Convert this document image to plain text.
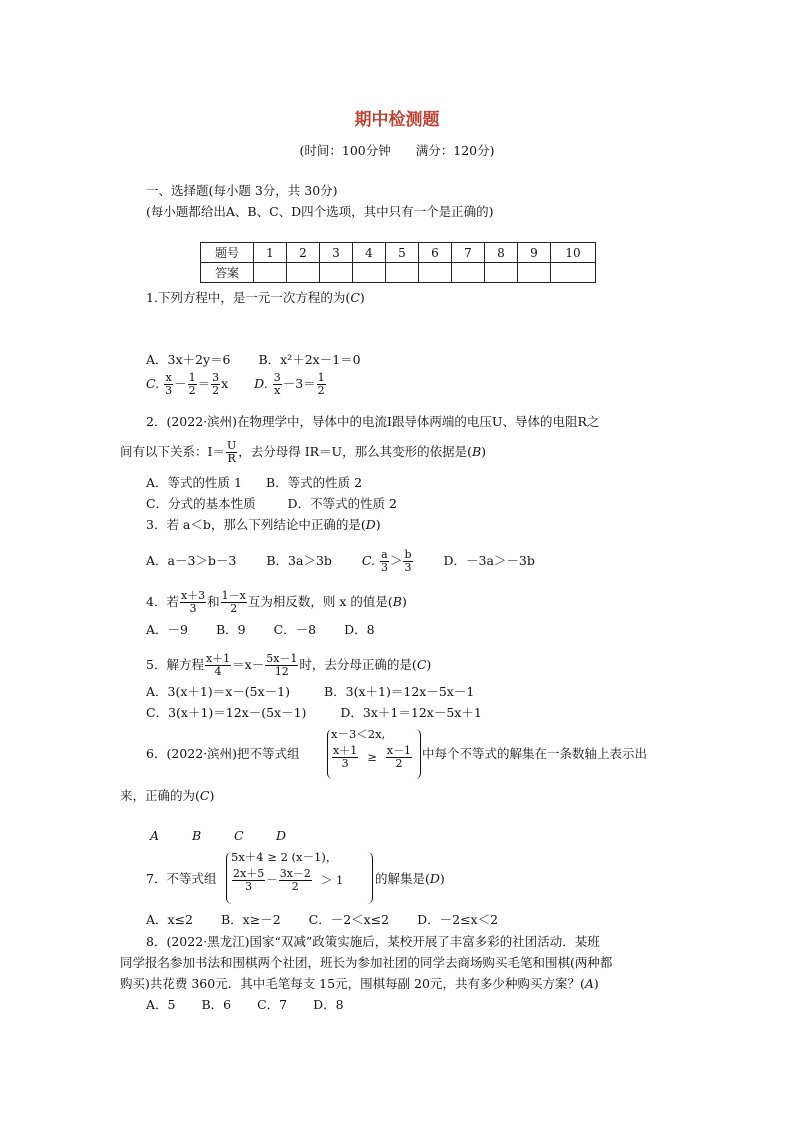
期中检测题
(时间：100分钟　　满分：120分)
一、选择题(每小题 3分，共 30分)
(每小题都给出A、B、C、D四个选项，其中只有一个是正确的)
题号	1	2	3	4	5	6	7	8	9	10
答案										
1.下列方程中，是一元一次方程的为(C)
A．3x＋2y＝6 B．x²＋2x－1＝0
C. $\frac{x}{3} - \frac{1}{2} = \frac{3}{2}$ x D. $\frac{3}{x} -3= \frac{1}{2}$
2．(2022·滨州)在物理学中，导体中的电流Ⅰ跟导体两端的电压U、导体的电阻R之
间有以下关系：$I= \frac{U}{R}$ ，去分母得 IR＝U，那么其变形的依据是(B)
A．等式的性质 1 B．等式的性质 2
C．分式的基本性质	D．不等式的性质 2
3．若 a＜b，那么下列结论中正确的是(D)
A．a－3＞b－3 B．3a＞3b C. $\frac{a}{3} > \frac{b}{3}$ D．－3a＞－3b
4．若 $\frac{x+3}{3}$ 和 $\frac{1-x}{2}$ 互为相反数，则 x 的值是(B)
A．－9 B．9 C．－8 D．8
5．解方程 $\frac{x+1}{4} =x- \frac{5x-1}{12}$ 时，去分母正确的是(C)
A．3(x＋1)＝x－(5x－1)	B．3(x＋1)＝12x－5x－1
C．3(x＋1)＝12x－(5x－1)	D．3x＋1＝12x－5x＋1
6．(2022·滨州)把不等式组
x－3＜2x,
$\frac{x+1}{3} \ge \frac{x-1}{2}$ 中每个不等式的解集在一条数轴上表示出
来，正确的为(C)
A	B	C	D
7．不等式组
5x＋4 ≥ 2 (x－1)，
$\frac{2x+5}{3} - \frac{3x-2}{2} > 1$	的解集是(D)
A．x≤2 B．x≥－2 C．－2＜x≤2 D．－2≤x＜2
8．(2022·黑龙江)国家“双减”政策实施后，某校开展了丰富多彩的社团活动．某班
同学报名参加书法和围棋两个社团，班长为参加社团的同学去商场购买毛笔和围棋(两种都
购买)共花费 360元．其中毛笔每支 15元，围棋每副 20元，共有多少种购买方案？(A)
A．5 B．6 C．7 D．8
